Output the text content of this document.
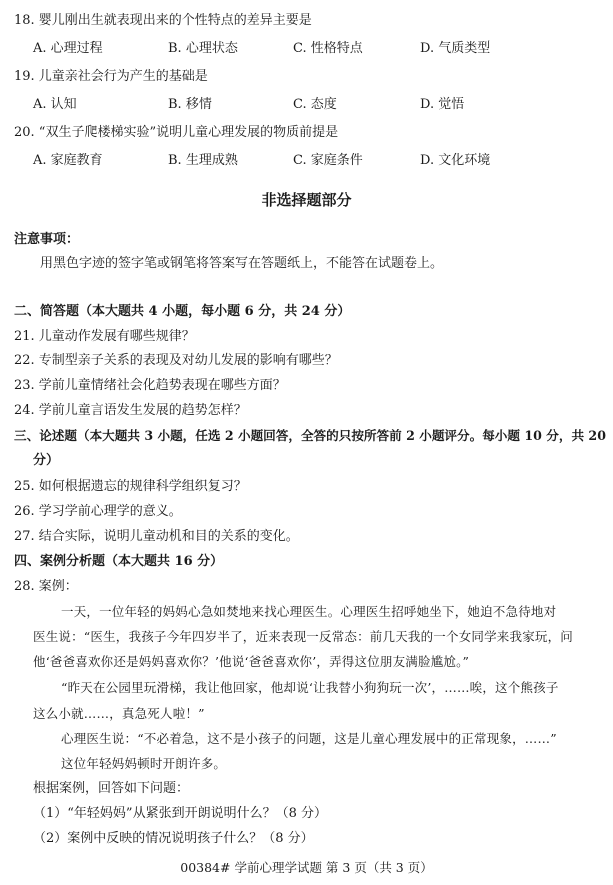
18. 婴儿刚出生就表现出来的个性特点的差异主要是
A. 心理过程	B. 心理状态	C. 性格特点	D. 气质类型
19. 儿童亲社会行为产生的基础是
A. 认知	B. 移情	C. 态度	D. 觉悟
20. “双生子爬楼梯实验”说明儿童心理发展的物质前提是
A. 家庭教育	B. 生理成熟	C. 家庭条件	D. 文化环境
非选择题部分
注意事项：
用黑色字迹的签字笔或钢笔将答案写在答题纸上，不能答在试题卷上。
二、简答题（本大题共 4 小题，每小题 6 分，共 24 分）
21. 儿童动作发展有哪些规律？
22. 专制型亲子关系的表现及对幼儿发展的影响有哪些？
23. 学前儿童情绪社会化趋势表现在哪些方面？
24. 学前儿童言语发生发展的趋势怎样？
三、论述题（本大题共 3 小题，任选 2 小题回答，全答的只按所答前 2 小题评分。每小题 10 分，共 20
分）
25. 如何根据遗忘的规律科学组织复习？
26. 学习学前心理学的意义。
27. 结合实际，说明儿童动机和目的关系的变化。
四、案例分析题（本大题共 16 分）
28. 案例：
一天，一位年轻的妈妈心急如焚地来找心理医生。心理医生招呼她坐下，她迫不急待地对
医生说：“医生，我孩子今年四岁半了，近来表现一反常态：前几天我的一个女同学来我家玩，问
他‘爸爸喜欢你还是妈妈喜欢你？’他说‘爸爸喜欢你’，弄得这位朋友满脸尴尬。”
“昨天在公园里玩滑梯，我让他回家，他却说‘让我替小狗狗玩一次’，……唉，这个熊孩子
这么小就……，真急死人啦！”
心理医生说：“不必着急，这不是小孩子的问题，这是儿童心理发展中的正常现象，……”
这位年轻妈妈顿时开朗许多。
根据案例，回答如下问题：
（1）“年轻妈妈”从紧张到开朗说明什么？（8 分）
（2）案例中反映的情况说明孩子什么？（8 分）
00384# 学前心理学试题 第 3 页（共 3 页）
